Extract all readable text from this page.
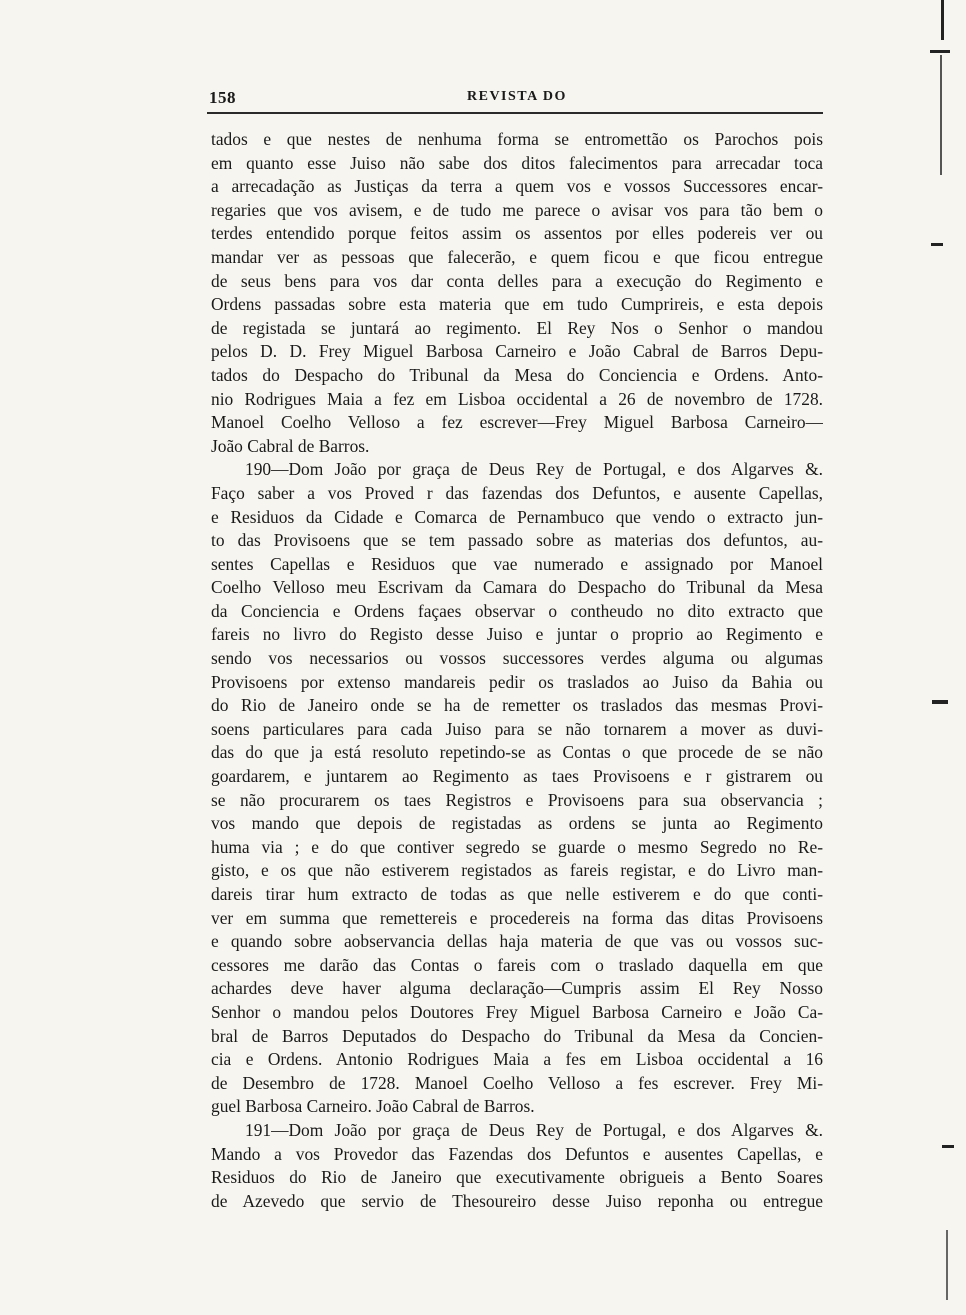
158	REVISTA DO
tados e que nestes de nenhuma forma se entromettão os Parochos pois
em quanto esse Juiso não sabe dos ditos falecimentos para arrecadar toca
a arrecadação as Justiças da terra a quem vos e vossos Successores encar-
regaries que vos avisem, e de tudo me parece o avisar vos para tão bem o
terdes entendido porque feitos assim os assentos por elles podereis ver ou
mandar ver as pessoas que falecerão, e quem ficou e que ficou entregue
de seus bens para vos dar conta delles para a execução do Regimento e
Ordens passadas sobre esta materia que em tudo Cumprireis, e esta depois
de registada se juntará ao regimento. El Rey Nos o Senhor o mandou
pelos D. D. Frey Miguel Barbosa Carneiro e João Cabral de Barros Depu-
tados do Despacho do Tribunal da Mesa do Conciencia e Ordens. Anto-
nio Rodrigues Maia a fez em Lisboa occidental a 26 de novembro de 1728.
Manoel Coelho Velloso a fez escrever—Frey Miguel Barbosa Carneiro—
João Cabral de Barros.
190—Dom João por graça de Deus Rey de Portugal, e dos Algarves &.
Faço saber a vos Proved r das fazendas dos Defuntos, e ausente Capellas,
e Residuos da Cidade e Comarca de Pernambuco que vendo o extracto jun-
to das Provisoens que se tem passado sobre as materias dos defuntos, au-
sentes Capellas e Residuos que vae numerado e assignado por Manoel
Coelho Velloso meu Escrivam da Camara do Despacho do Tribunal da Mesa
da Conciencia e Ordens façaes observar o contheudo no dito extracto que
fareis no livro do Registo desse Juiso e juntar o proprio ao Regimento e
sendo vos necessarios ou vossos successores verdes alguma ou algumas
Provisoens por extenso mandareis pedir os traslados ao Juiso da Bahia ou
do Rio de Janeiro onde se ha de remetter os traslados das mesmas Provi-
soens particulares para cada Juiso para se não tornarem a mover as duvi-
das do que ja está resoluto repetindo-se as Contas o que procede de se não
goardarem, e juntarem ao Regimento as taes Provisoens e r gistrarem ou
se não procurarem os taes Registros e Provisoens para sua observancia ;
vos mando que depois de registadas as ordens se junta ao Regimento
huma via ; e do que contiver segredo se guarde o mesmo Segredo no Re-
gisto, e os que não estiverem registados as fareis registar, e do Livro man-
dareis tirar hum extracto de todas as que nelle estiverem e do que conti-
ver em summa que remettereis e procedereis na forma das ditas Provisoens
e quando sobre aobservancia dellas haja materia de que vas ou vossos suc-
cessores me darão das Contas o fareis com o traslado daquella em que
achardes deve haver alguma declaração—Cumpris assim El Rey Nosso
Senhor o mandou pelos Doutores Frey Miguel Barbosa Carneiro e João Ca-
bral de Barros Deputados do Despacho do Tribunal da Mesa da Concien-
cia e Ordens. Antonio Rodrigues Maia a fes em Lisboa occidental a 16
de Desembro de 1728. Manoel Coelho Velloso a fes escrever. Frey Mi-
guel Barbosa Carneiro. João Cabral de Barros.
191—Dom João por graça de Deus Rey de Portugal, e dos Algarves &.
Mando a vos Provedor das Fazendas dos Defuntos e ausentes Capellas, e
Residuos do Rio de Janeiro que executivamente obrigueis a Bento Soares
de Azevedo que servio de Thesoureiro desse Juiso reponha ou entregue
